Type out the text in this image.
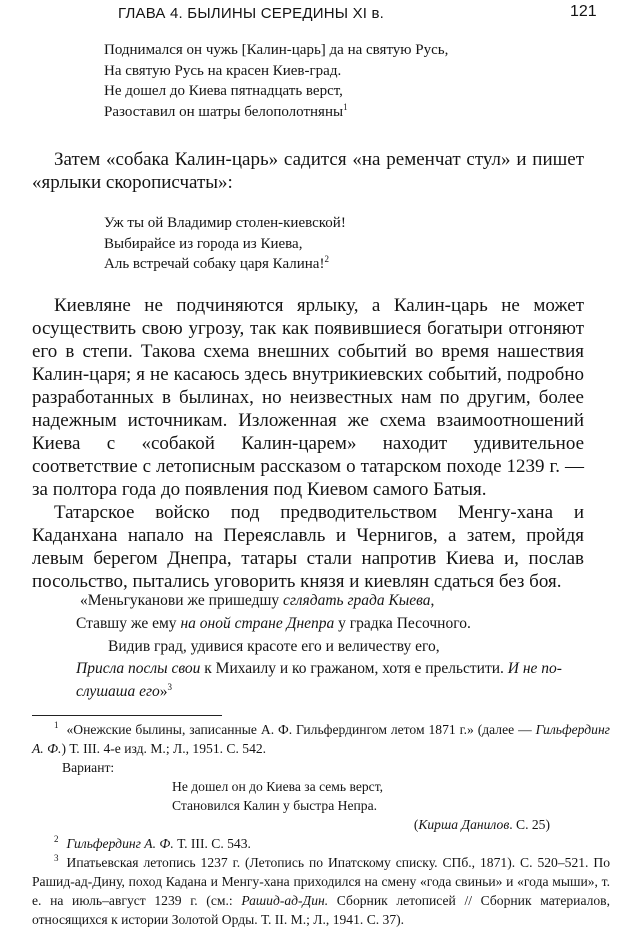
ГЛАВА 4. БЫЛИНЫ СЕРЕДИНЫ XI в.	121
Поднимался он чужь [Калин-царь] да на святую Русь,
На святую Русь на красен Киев-град.
Не дошел до Киева пятнадцать верст,
Разоставил он шатры белополотняны$^1$

Затем «собака Калин-царь» садится «на ременчат стул» и пишет «ярлыки скорописчаты»:

Уж ты ой Владимир столен-киевской!
Выбирайсе из города из Киева,
Аль встречай собаку царя Калина!$^2$

Киевляне не подчиняются ярлыку, а Калин-царь не может осуществить свою угрозу, так как появившиеся богатыри отгоняют его в степи. Такова схема внешних событий во время нашествия Калин-царя; я не касаюсь здесь внутрикиевских событий, подробно разработанных в былинах, но неизвестных нам по другим, более надежным источникам. Изложенная же схема взаимоотношений Киева с «собакой Калин-царем» находит удивительное соответствие с летописным рассказом о татарском походе 1239 г. — за полтора года до появления под Киевом самого Батыя.

Татарское войско под предводительством Менгу-хана и Каданхана напало на Переяславль и Чернигов, а затем, пройдя левым берегом Днепра, татары стали напротив Киева и, послав посольство, пытались уговорить князя и киевлян сдаться без боя.

«Меньгуканови же пришедшу сглядать града Кыева,
Ставшу же ему на оной стране Днепра у градка Песочного.
Видив град, удивися красоте его и величеству его,
Прислa послы свои к Михаилу и ко гражаном, хотя е прельстити. И не по-
слушаша его»$^3$

$^1$ «Онежские былины, записанные А. Ф. Гильфердингом летом 1871 г.» (далее — Гильфердинг А. Ф.) Т. III. 4-е изд. М.; Л., 1951. С. 542.

Вариант:
Не дошел он до Киева за семь верст,
Становился Калин у быстра Непра.
(Кирша Данилов. С. 25)

$^2$ Гильфердинг А. Ф. Т. III. С. 543.

$^3$ Ипатьевская летопись 1237 г. (Летопись по Ипатскому списку. СПб., 1871). С. 520–521. По Рашид-ад-Дину, поход Кадана и Менгу-хана приходился на смену «года свиньи» и «года мыши», т. е. на июль–август 1239 г. (см.: Рашид-ад-Дин. Сборник летописей // Сборник материалов, относящихся к истории Золотой Орды. Т. II. М.; Л., 1941. С. 37).
